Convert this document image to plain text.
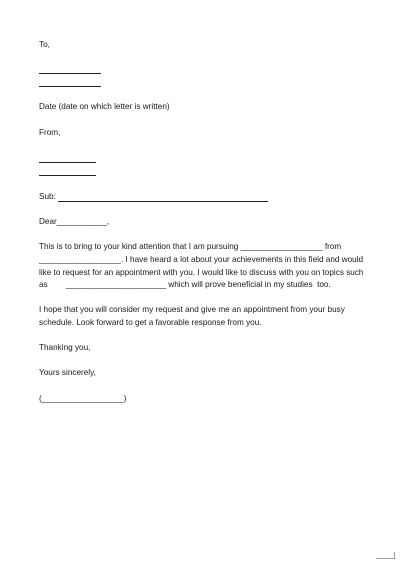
To,
Date (date on which letter is written)
From,
Sub:
Dear___________,
This is to bring to your kind attention that I am pursuing __________________ from
__________________. I have heard a lot about your achievements in this field and would
like to request for an appointment with you. I would like to discuss with you on topics such
as        ______________________ which will prove beneficial in my studies  too.
I hope that you will consider my request and give me an appointment from your busy
schedule. Look forward to get a favorable response from you.
Thanking you,
Yours sincerely,
(__________________)
